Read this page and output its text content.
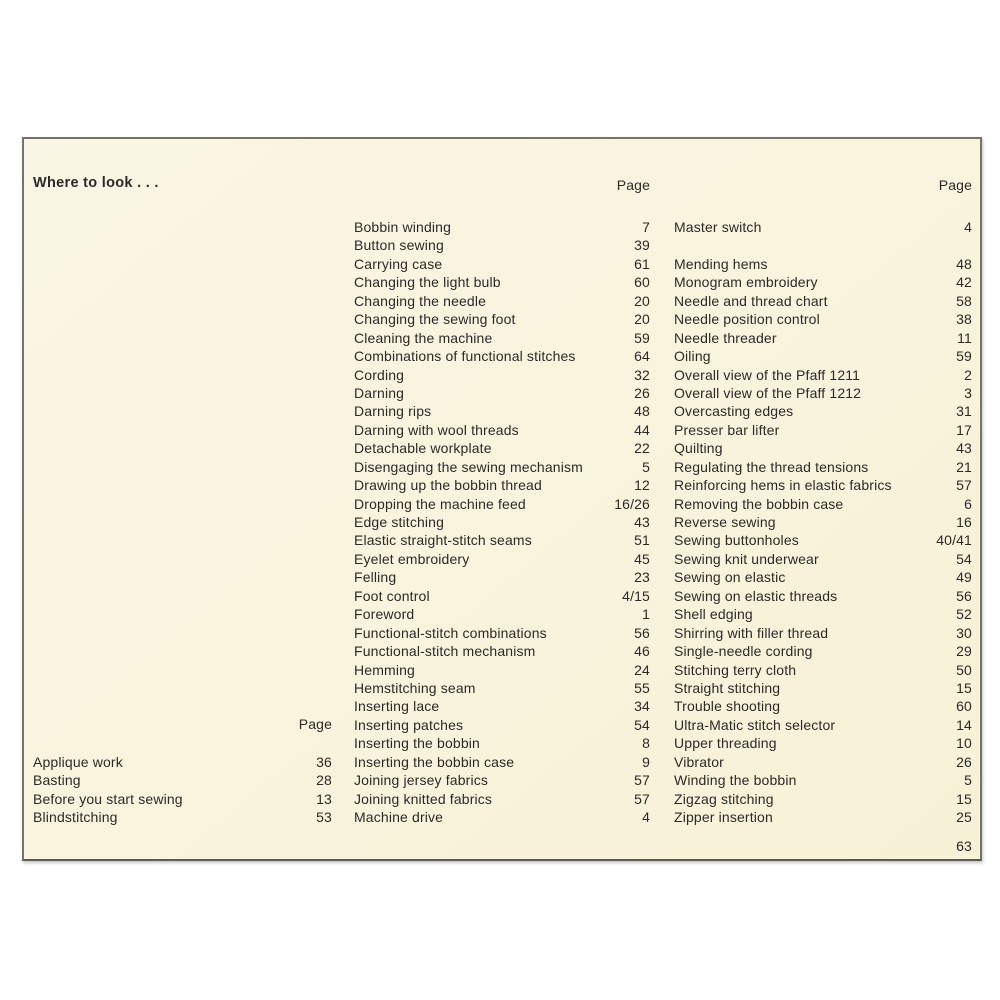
Where to look . . .	Page	Page
Page
Applique work	36
Basting	28
Before you start sewing	13
Blindstitching	53
Bobbin winding	7
Button sewing	39
Carrying case	61
Changing the light bulb	60
Changing the needle	20
Changing the sewing foot	20
Cleaning the machine	59
Combinations of functional stitches	64
Cording	32
Darning	26
Darning rips	48
Darning with wool threads	44
Detachable workplate	22
Disengaging the sewing mechanism	5
Drawing up the bobbin thread	12
Dropping the machine feed	16/26
Edge stitching	43
Elastic straight-stitch seams	51
Eyelet embroidery	45
Felling	23
Foot control	4/15
Foreword	1
Functional-stitch combinations	56
Functional-stitch mechanism	46
Hemming	24
Hemstitching seam	55
Inserting lace	34
Inserting patches	54
Inserting the bobbin	8
Inserting the bobbin case	9
Joining jersey fabrics	57
Joining knitted fabrics	57
Machine drive	4
Master switch	4
Mending hems	48
Monogram embroidery	42
Needle and thread chart	58
Needle position control	38
Needle threader	11
Oiling	59
Overall view of the Pfaff 1211	2
Overall view of the Pfaff 1212	3
Overcasting edges	31
Presser bar lifter	17
Quilting	43
Regulating the thread tensions	21
Reinforcing hems in elastic fabrics	57
Removing the bobbin case	6
Reverse sewing	16
Sewing buttonholes	40/41
Sewing knit underwear	54
Sewing on elastic	49
Sewing on elastic threads	56
Shell edging	52
Shirring with filler thread	30
Single-needle cording	29
Stitching terry cloth	50
Straight stitching	15
Trouble shooting	60
Ultra-Matic stitch selector	14
Upper threading	10
Vibrator	26
Winding the bobbin	5
Zigzag stitching	15
Zipper insertion	25
63
